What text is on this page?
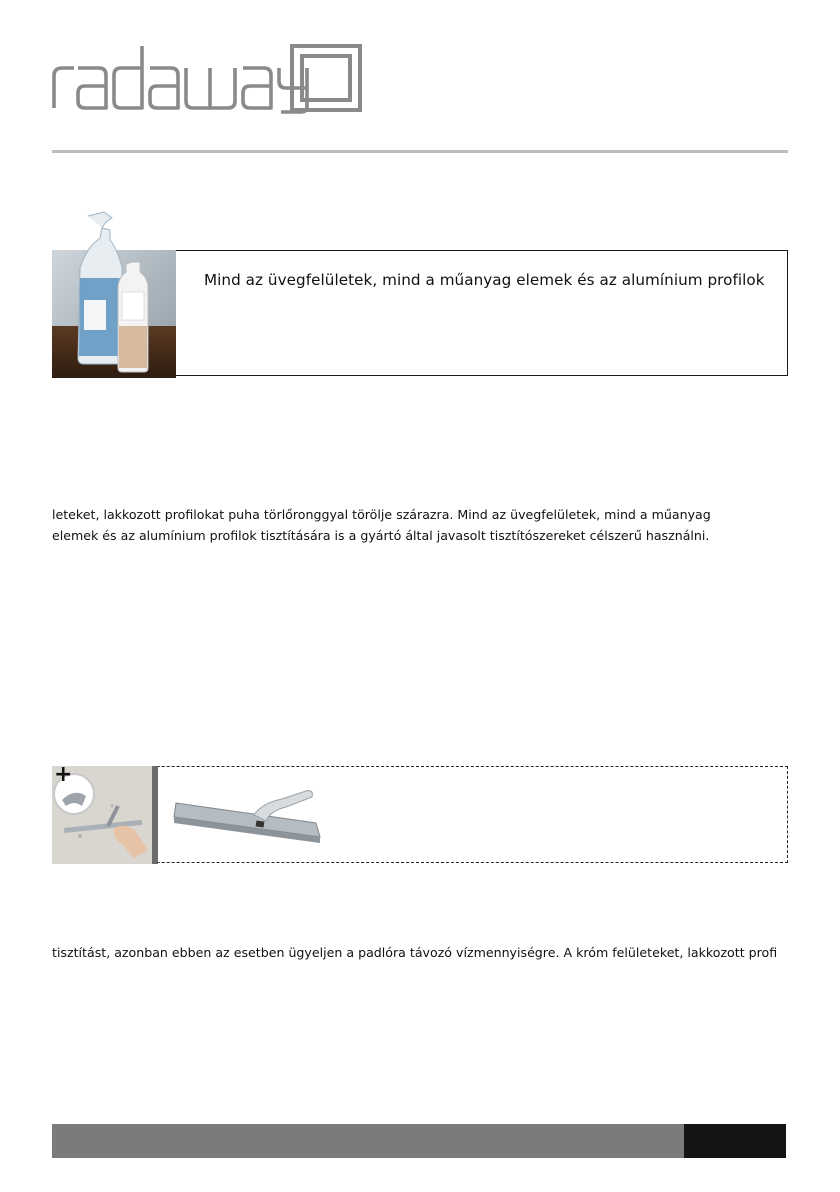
Mind az üvegfelületek, mind a műanyag elemek és az alumínium profilok
leteket, lakkozott profilokat puha törlőronggyal törölje szárazra. Mind az üvegfelületek, mind a műanyag
elemek és az alumínium profilok tisztítására is a gyártó által javasolt tisztítószereket célszerű használni.
+
tisztítást, azonban ebben az esetben ügyeljen a padlóra távozó vízmennyiségre. A króm felületeket, lakkozott profi
